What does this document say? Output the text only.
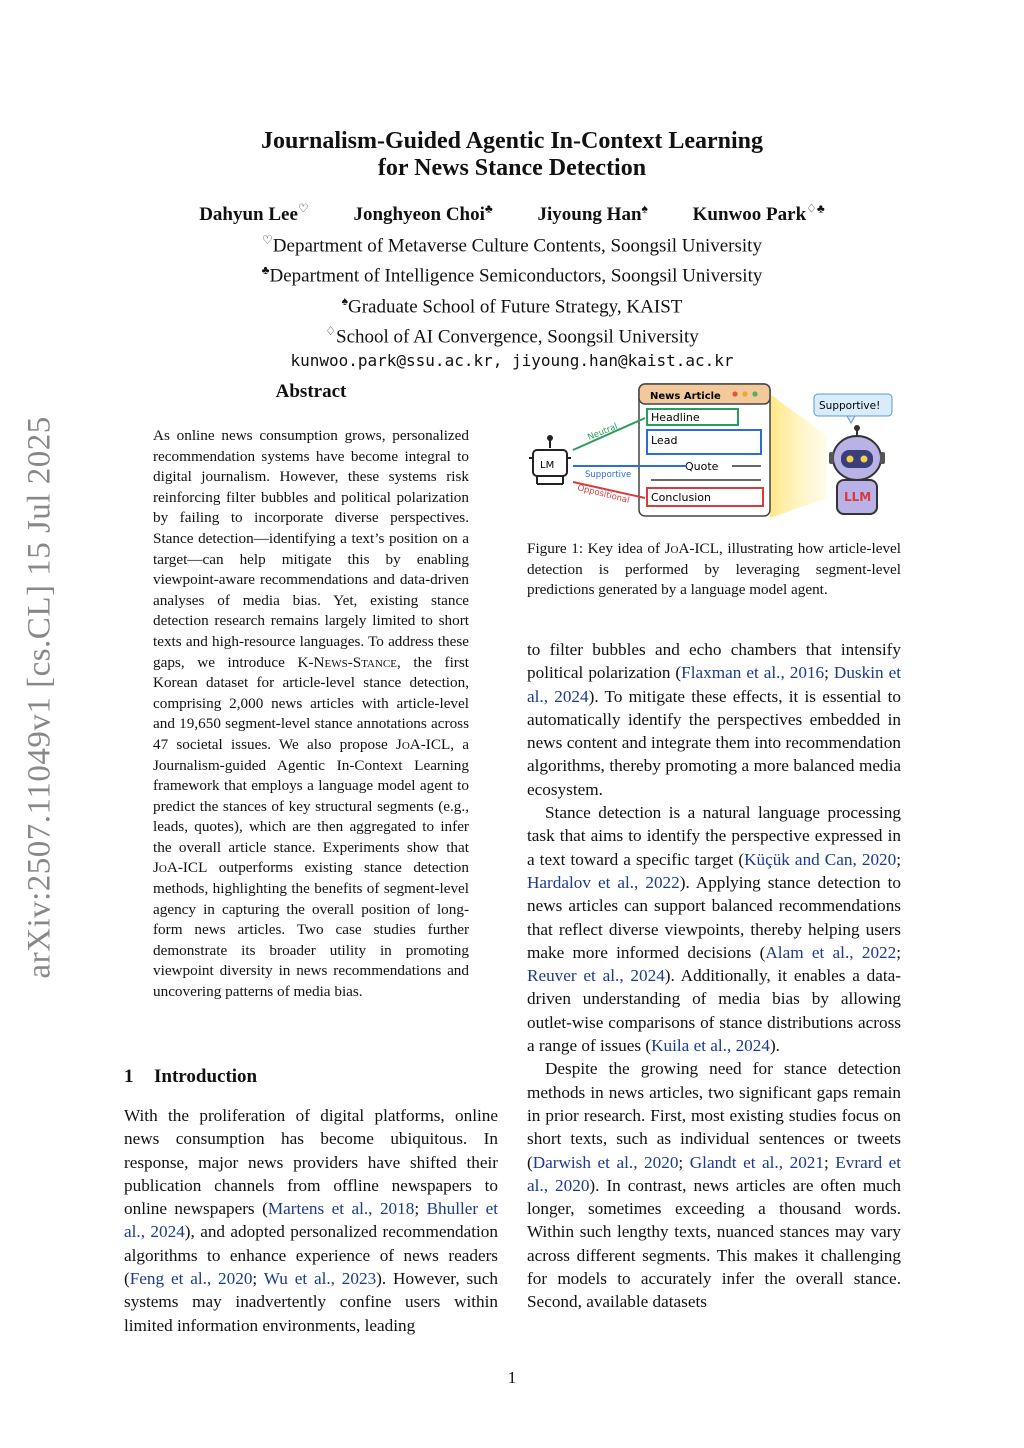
Journalism-Guided Agentic In-Context Learning
for News Stance Detection
Dahyun Lee♡ Jonghyeon Choi♣ Jiyoung Han♠ Kunwoo Park♢♣
♡Department of Metaverse Culture Contents, Soongsil University
♣Department of Intelligence Semiconductors, Soongsil University
♠Graduate School of Future Strategy, KAIST
♢School of AI Convergence, Soongsil University
kunwoo.park@ssu.ac.kr, jiyoung.han@kaist.ac.kr
arXiv:2507.11049v1 [cs.CL] 15 Jul 2025
Abstract
As online news consumption grows, personalized recommendation systems have become integral to digital journalism. However, these systems risk reinforcing filter bubbles and political polarization by failing to incorporate diverse perspectives. Stance detection—identifying a text’s position on a target—can help mitigate this by enabling viewpoint-aware recommendations and data-driven analyses of media bias. Yet, existing stance detection research remains largely limited to short texts and high-resource languages. To address these gaps, we introduce K-News-Stance, the first Korean dataset for article-level stance detection, comprising 2,000 news articles with article-level and 19,650 segment-level stance annotations across 47 societal issues. We also propose JoA-ICL, a Journalism-guided Agentic In-Context Learning framework that employs a language model agent to predict the stances of key structural segments (e.g., leads, quotes), which are then aggregated to infer the overall article stance. Experiments show that JoA-ICL outperforms existing stance detection methods, highlighting the benefits of segment-level agency in capturing the overall position of long-form news articles. Two case studies further demonstrate its broader utility in promoting viewpoint diversity in news recommendations and uncovering patterns of media bias.
News Article
Headline
Lead
Quote
Conclusion
LM
Neutral
Supportive
Oppositional	LLM
Supportive!
Figure 1: Key idea of JoA-ICL, illustrating how article-level detection is performed by leveraging segment-level predictions generated by a language model agent.
1 Introduction
With the proliferation of digital platforms, online news consumption has become ubiquitous. In response, major news providers have shifted their publication channels from offline newspapers to online newspapers (Martens et al., 2018; Bhuller et al., 2024), and adopted personalized recommendation algorithms to enhance experience of news readers (Feng et al., 2020; Wu et al., 2023). However, such systems may inadvertently confine users within limited information environments, leading

to filter bubbles and echo chambers that intensify political polarization (Flaxman et al., 2016; Duskin et al., 2024). To mitigate these effects, it is essential to automatically identify the perspectives embedded in news content and integrate them into recommendation algorithms, thereby promoting a more balanced media ecosystem.

Stance detection is a natural language processing task that aims to identify the perspective expressed in a text toward a specific target (Küçük and Can, 2020; Hardalov et al., 2022). Applying stance detection to news articles can support balanced recommendations that reflect diverse viewpoints, thereby helping users make more informed decisions (Alam et al., 2022; Reuver et al., 2024). Additionally, it enables a data-driven understanding of media bias by allowing outlet-wise comparisons of stance distributions across a range of issues (Kuila et al., 2024).

Despite the growing need for stance detection methods in news articles, two significant gaps remain in prior research. First, most existing studies focus on short texts, such as individual sentences or tweets (Darwish et al., 2020; Glandt et al., 2021; Evrard et al., 2020). In contrast, news articles are often much longer, sometimes exceeding a thousand words. Within such lengthy texts, nuanced stances may vary across different segments. This makes it challenging for models to accurately infer the overall stance. Second, available datasets

1
